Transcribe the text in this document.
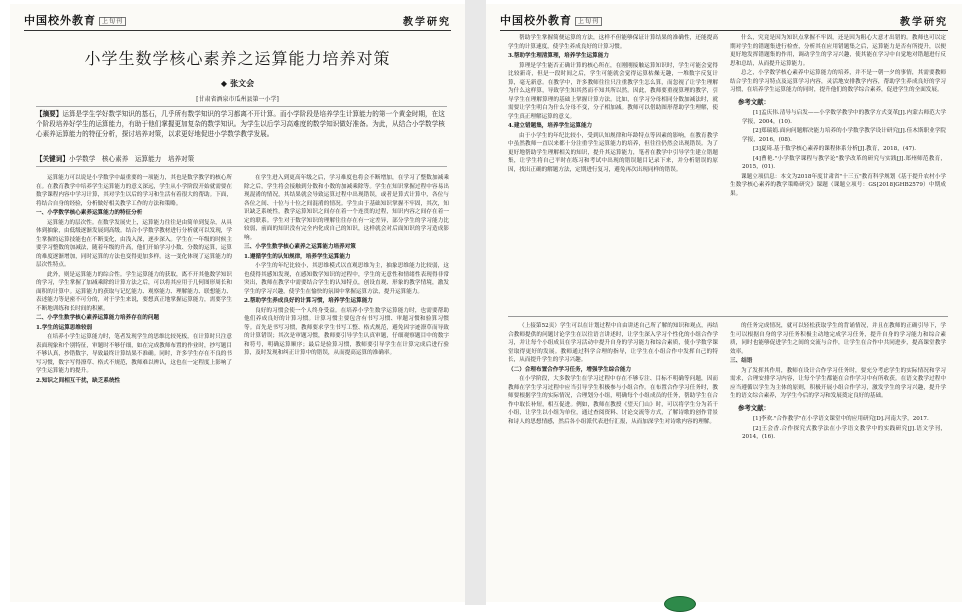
中国校外教育 上旬刊	教学研究
小学生数学核心素养之运算能力培养对策
◆ 张文会
[甘肃省酒泉市瓜州县第一小学]
【摘要】运算是学生学好数学知识的基石，几乎所有数学知识的学习都离不开计算。而小学阶段是培养学生计算能力的第一个黄金时期，在这个阶段培养好学生的运算能力，有助于他们掌握更加复杂的数学知识。为学生以后学习高难度的数学知识做好准备。为此，从结合小学数学核心素养运算能力的特征分析，探讨培养对策，以求更好地促进小学数学教学发展。
【关键词】小学数学　核心素养　运算能力　培养对策

运算能力可以说是小学数学中最重要的一项能力，其也是数学教学的核心所在。在教育教学中培养学生运算能力的意义深远，学生从小学阶段开始就需要在数学课程内容中学习计算，其对学生以后的学习和生活有着很大的帮助。下面，将结合自身的经验，分析做好相关教学工作的方法和策略。

一、小学数学核心素养运算能力的特征分析

运算能力的层次性。在数学发展史上，运算能力往往是由简单到复杂，从具体到抽象，由低级逐渐发展到高级。结合小学数学教材进行分析就可以发现，学生掌握的运算技能也在不断变化，由浅入深，逐步深入。学生在一年级的时候主要学习整数的加减法，随着年级的升高，他们开始学习小数、分数的运算，运算的难度逐渐增加，同时运算的方法也变得更加多样。这一变化体现了运算能力的层次性特点。

此外，则是运算能力的综合性。学生运算能力的获取，离不开其他数学知识的学习，学生掌握了加减乘除的计算方法之后，可以将其应用于几何图形周长和面积的计算中。运算能力的获取与记忆能力、观察能力、理解能力、联想能力、表述能力等是密不可分的，对于学生来说，要想真正地掌握运算能力，需要学生不断地训练和长时间的积累。

二、小学生数学核心素养运算能力培养存在的问题

1.学生的运算思维较弱

在培养小学生运算能力时，笔者发现学生的思维比较死板，在计算时只注意表面现象和个别特征，审题时不够仔细，如在完成教师布置的作业时，抄写题目不够认真，抄错数字，导致最终计算结果不准确。同时，许多学生存在不良的书写习惯，数字写得潦草、格式不规范，教师难以辨认，这也在一定程度上影响了学生运算能力的提升。

2.知识之间相互干扰，缺乏系统性

在学生进入到更高年级之后，学习难度也将会不断增加，在学习了整数加减乘除之后，学生将会接触到分数和小数的加减乘除等。学生在知识掌握过程中容易出现混淆的情况，其结果就会导致运算过程中出现错误，或者是算式计算中，各位与各位之间、十位与十位之间混淆的情况。学生由于基础知识掌握不牢固，其次，知识缺乏系统性，教学运算知识之间存在着一个连贯的过程，知识内容之间存在着一定的联系。学生对于数学知识的理解往往存在有一定差异，部分学生的学习能力比较弱，前面的知识没有完全内化成自己的知识，这样就会对后面知识的学习造成影响。

三、小学生数学核心素养之运算能力培养对策

1.遵循学生的认知规律，培养学生运算能力

小学生的年纪比较小，其思维模式以直观思维为主，抽象思维能力比较弱，这也使得其感知发现，在感知数学知识的过程中，学生的无意性和情绪性表现得非常突出，教师在教学中需要结合学生的认知特点，创设直观、形象的教学情境，激发学生的学习兴趣，使学生在愉快的氛围中掌握运算方法，提升运算能力。

2.帮助学生养成良好的计算习惯，培养学生运算能力

良好的习惯会使一个人终身受益。在培养小学生数学运算能力时，也需要帮助他们养成良好的计算习惯。计算习惯主要包含有书写习惯、审题习惯和验算习惯等。首先是书写习惯，教师要求学生书写工整、格式规范，避免因字迹潦草而导致的计算错误；其次是审题习惯，教师要引导学生认真审题，仔细观察题目中的数字和符号，明确运算顺序；最后是验算习惯，教师要引导学生在计算完成后进行验算，及时发现和纠正计算中的错误，从而提高运算的准确率。

中国校外教育 上旬刊	教学研究

帮助学生掌握简便运算的方法，这样不但能够保证计算结果的准确性，还能提高学生的计算速度，使学生养成良好的计算习惯。

3.帮助学生理清算理，培养学生运算能力

算理是学生能否正确计算的核心所在，在刚刚接触运算知识时，学生可能会觉得比较新奇，但是一段时间之后，学生可能就会觉得运算枯燥无趣，一堆数字反复计算，毫无新意。在教学中，许多教师往往只注重教学生怎么算，而忽视了让学生理解为什么这样算，导致学生知其然而不知其所以然。因此，教师要重视算理的教学，引导学生在理解算理的基础上掌握计算方法。比如，在学习分母相同分数加减法时，就需要让学生明白为什么分母不变，分子相加减。教师可以借助图形帮助学生理解，使学生真正理解运算的意义。

4.建立错题集，培养学生运算能力

由于小学生的年纪比较小，受到认知规律和年龄特点等因素的影响，在教育教学中虽然教师一直以来都十分注重学生运算能力的培养，但往往仍然会出现错误。为了更好地帮助学生理解相关的知识，提升其运算能力，笔者在教学中引导学生建立错题集，让学生将自己平时在练习和考试中出现的错误题目记录下来，并分析错误的原因，找出正确的解题方法，定期进行复习，避免再次出现同样的错误。

什么，究竟是因为知识点掌握不牢固，还是因为粗心大意才出错的。教师也可以定期对学生的错题集进行检查，分析其在应用错题集之后，运算能力是否有所提升，以便更好地发挥错题集的作用，调动学生的学习兴趣，使其能在学习中自觉地对错题进行反思和总结，从而提升运算能力。

总之，小学数学核心素养中运算能力的培养，并不是一朝一夕的事情，其需要教师结合学生的学习特点及运算学习内容，灵活地安排教学内容，帮助学生养成良好的学习习惯，在培养学生运算能力的同时，提升他们的数学综合素养，促进学生的全面发展。

参考文献：

[1]孟庆伟.清导与启发——小学数学教学中的教学方式变革[J].内蒙古师范大学学报，2004，(10).

[2]郑瑞娟.面向问题解决能力培养的小学数学教学设计研究[J].佳木斯职业学院学报，2016，(08).

[3]夏琦.基于数学核心素养的课程体系分析[J].教育，2018，(47).

[4]曹艳."小学数学课程与教学论"教学改革的研究与实践[J].郑州师范教育，2015，(01).

课题立项信息：本文为2018年度甘肃省"十三五"教育科学规划《基于提升农村小学生数学核心素养的教学策略研究》课题（课题立项号：GS[2018]GHB2579）中期成果。

（上接第52页）学生可以在计划过程中自由讲述自己所了解的知识和观点，再结合教师提供的问题讨论学生在以往语言讲述时，让学生深入学习个性化的小组合作学习，并让每个小组成员在学习活动中提升自身的学习能力和综合素质，使小学数学课堂取得更好的发展。教师通过科学合理的指导，让学生在小组合作中发挥自己的特长，从而提升学生的学习兴趣。

（二）合理布置合作学习任务，增强学生综合能力

在小学阶段，大多数学生在学习过程中存在不够专注、目标不明确等问题，因而教师在学生学习过程中应当引导学生积极参与小组合作。在布置合作学习任务时，教师要根据学生的实际情况，合理划分小组，明确每个小组成员的任务，帮助学生在合作中取长补短，相互促进。例如，教师在教授《望天门山》时，可以将学生分为若干小组，让学生以小组为单位，通过查阅资料、讨论交流等方式，了解诗歌的创作背景和诗人的思想情感，然后各小组派代表进行汇报，从而加深学生对诗歌内容的理解。

的任务完成情况，就可以轻松获取学生的背诵情况，并且在教师的正确引导下，学生可以根据自身的学习任务积极主动地完成学习任务，提升自身的学习能力和综合素质，同时也能够促进学生之间的交流与合作，让学生在合作中共同进步，提高课堂教学效率。

三、结语

为了发挥其作用，教师在设计合作学习任务时，要充分考虑学生的实际情况和学习需求，合理安排学习内容，让每个学生都能在合作学习中有所收获。在语文教学过程中应当遵循以学生为主体的原则，积极开展小组合作学习，激发学生的学习兴趣，提升学生的语文综合素养，为学生今后的学习和发展奠定良好的基础。

参考文献：

[1]李欢."合作教学"在小学语文课堂中的应用研究[D].河南大学，2017.

[2]王会香.合作探究式教学法在小学语文教学中的实践研究[J].语文学刊，2014，(16).
